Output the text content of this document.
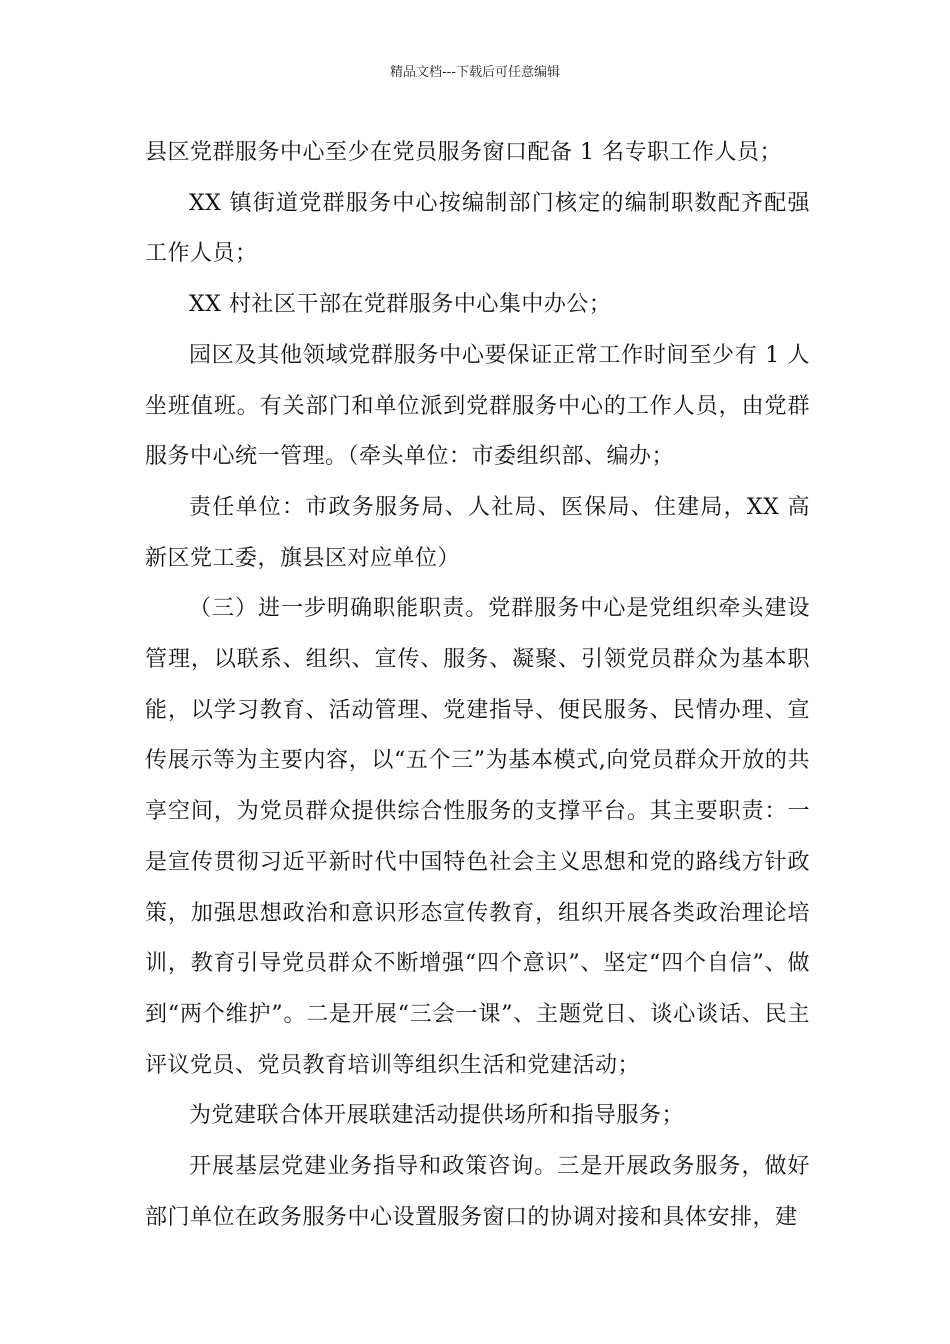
精品文档---下载后可任意编辑

县区党群服务中心至少在党员服务窗口配备 1 名专职工作人员；

XX 镇街道党群服务中心按编制部门核定的编制职数配齐配强工作人员；

XX 村社区干部在党群服务中心集中办公；

园区及其他领域党群服务中心要保证正常工作时间至少有 1 人坐班值班。有关部门和单位派到党群服务中心的工作人员，由党群服务中心统一管理。（牵头单位：市委组织部、编办；

责任单位：市政务服务局、人社局、医保局、住建局，XX 高新区党工委，旗县区对应单位）

（三）进一步明确职能职责。党群服务中心是党组织牵头建设管理，以联系、组织、宣传、服务、凝聚、引领党员群众为基本职能，以学习教育、活动管理、党建指导、便民服务、民情办理、宣传展示等为主要内容，以“五个三”为基本模式,向党员群众开放的共享空间，为党员群众提供综合性服务的支撑平台。其主要职责：一是宣传贯彻习近平新时代中国特色社会主义思想和党的路线方针政策，加强思想政治和意识形态宣传教育，组织开展各类政治理论培训，教育引导党员群众不断增强“四个意识”、坚定“四个自信”、做到“两个维护”。二是开展“三会一课”、主题党日、谈心谈话、民主评议党员、党员教育培训等组织生活和党建活动；

为党建联合体开展联建活动提供场所和指导服务；

开展基层党建业务指导和政策咨询。三是开展政务服务，做好部门单位在政务服务中心设置服务窗口的协调对接和具体安排，建
